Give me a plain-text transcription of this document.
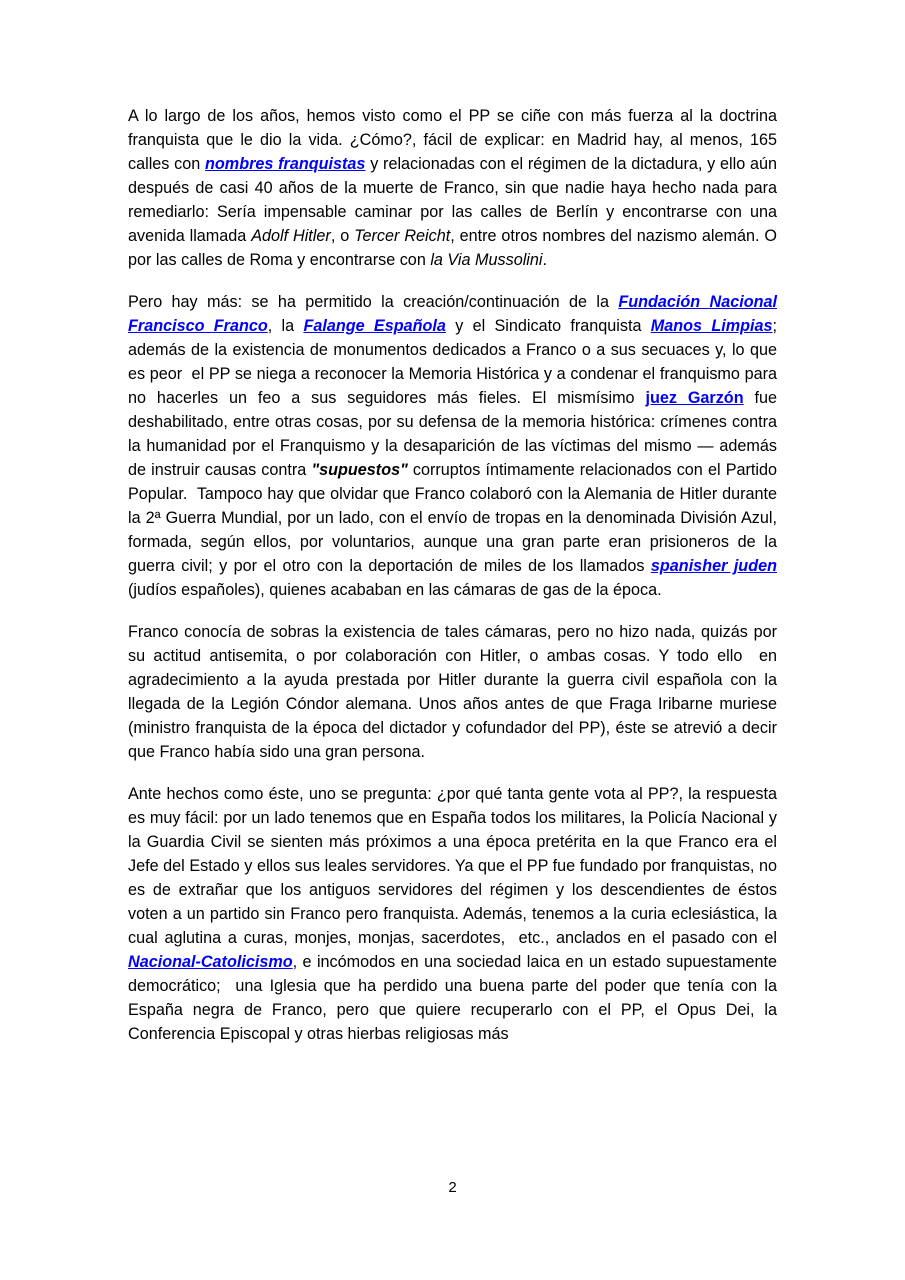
A lo largo de los años, hemos visto como el PP se ciñe con más fuerza al la doctrina franquista que le dio la vida. ¿Cómo?, fácil de explicar: en Madrid hay, al menos, 165 calles con nombres franquistas y relacionadas con el régimen de la dictadura, y ello aún después de casi 40 años de la muerte de Franco, sin que nadie haya hecho nada para remediarlo: Sería impensable caminar por las calles de Berlín y encontrarse con una avenida llamada Adolf Hitler, o Tercer Reicht, entre otros nombres del nazismo alemán. O por las calles de Roma y encontrarse con la Via Mussolini.

Pero hay más: se ha permitido la creación/continuación de la Fundación Nacional Francisco Franco, la Falange Española y el Sindicato franquista Manos Limpias; además de la existencia de monumentos dedicados a Franco o a sus secuaces y, lo que es peor  el PP se niega a reconocer la Memoria Histórica y a condenar el franquismo para no hacerles un feo a sus seguidores más fieles. El mismísimo juez Garzón fue deshabilitado, entre otras cosas, por su defensa de la memoria histórica: crímenes contra la humanidad por el Franquismo y la desaparición de las víctimas del mismo — además de instruir causas contra "supuestos" corruptos íntimamente relacionados con el Partido Popular.  Tampoco hay que olvidar que Franco colaboró con la Alemania de Hitler durante la 2ª Guerra Mundial, por un lado, con el envío de tropas en la denominada División Azul, formada, según ellos, por voluntarios, aunque una gran parte eran prisioneros de la guerra civil; y por el otro con la deportación de miles de los llamados spanisher juden (judíos españoles), quienes acababan en las cámaras de gas de la época.

Franco conocía de sobras la existencia de tales cámaras, pero no hizo nada, quizás por su actitud antisemita, o por colaboración con Hitler, o ambas cosas. Y todo ello  en agradecimiento a la ayuda prestada por Hitler durante la guerra civil española con la llegada de la Legión Cóndor alemana. Unos años antes de que Fraga Iribarne muriese (ministro franquista de la época del dictador y cofundador del PP), éste se atrevió a decir que Franco había sido una gran persona.

Ante hechos como éste, uno se pregunta: ¿por qué tanta gente vota al PP?, la respuesta es muy fácil: por un lado tenemos que en España todos los militares, la Policía Nacional y la Guardia Civil se sienten más próximos a una época pretérita en la que Franco era el Jefe del Estado y ellos sus leales servidores. Ya que el PP fue fundado por franquistas, no es de extrañar que los antiguos servidores del régimen y los descendientes de éstos voten a un partido sin Franco pero franquista. Además, tenemos a la curia eclesiástica, la cual aglutina a curas, monjes, monjas, sacerdotes,  etc., anclados en el pasado con el Nacional-Catolicismo, e incómodos en una sociedad laica en un estado supuestamente democrático;  una Iglesia que ha perdido una buena parte del poder que tenía con la España negra de Franco, pero que quiere recuperarlo con el PP, el Opus Dei, la Conferencia Episcopal y otras hierbas religiosas más

2
